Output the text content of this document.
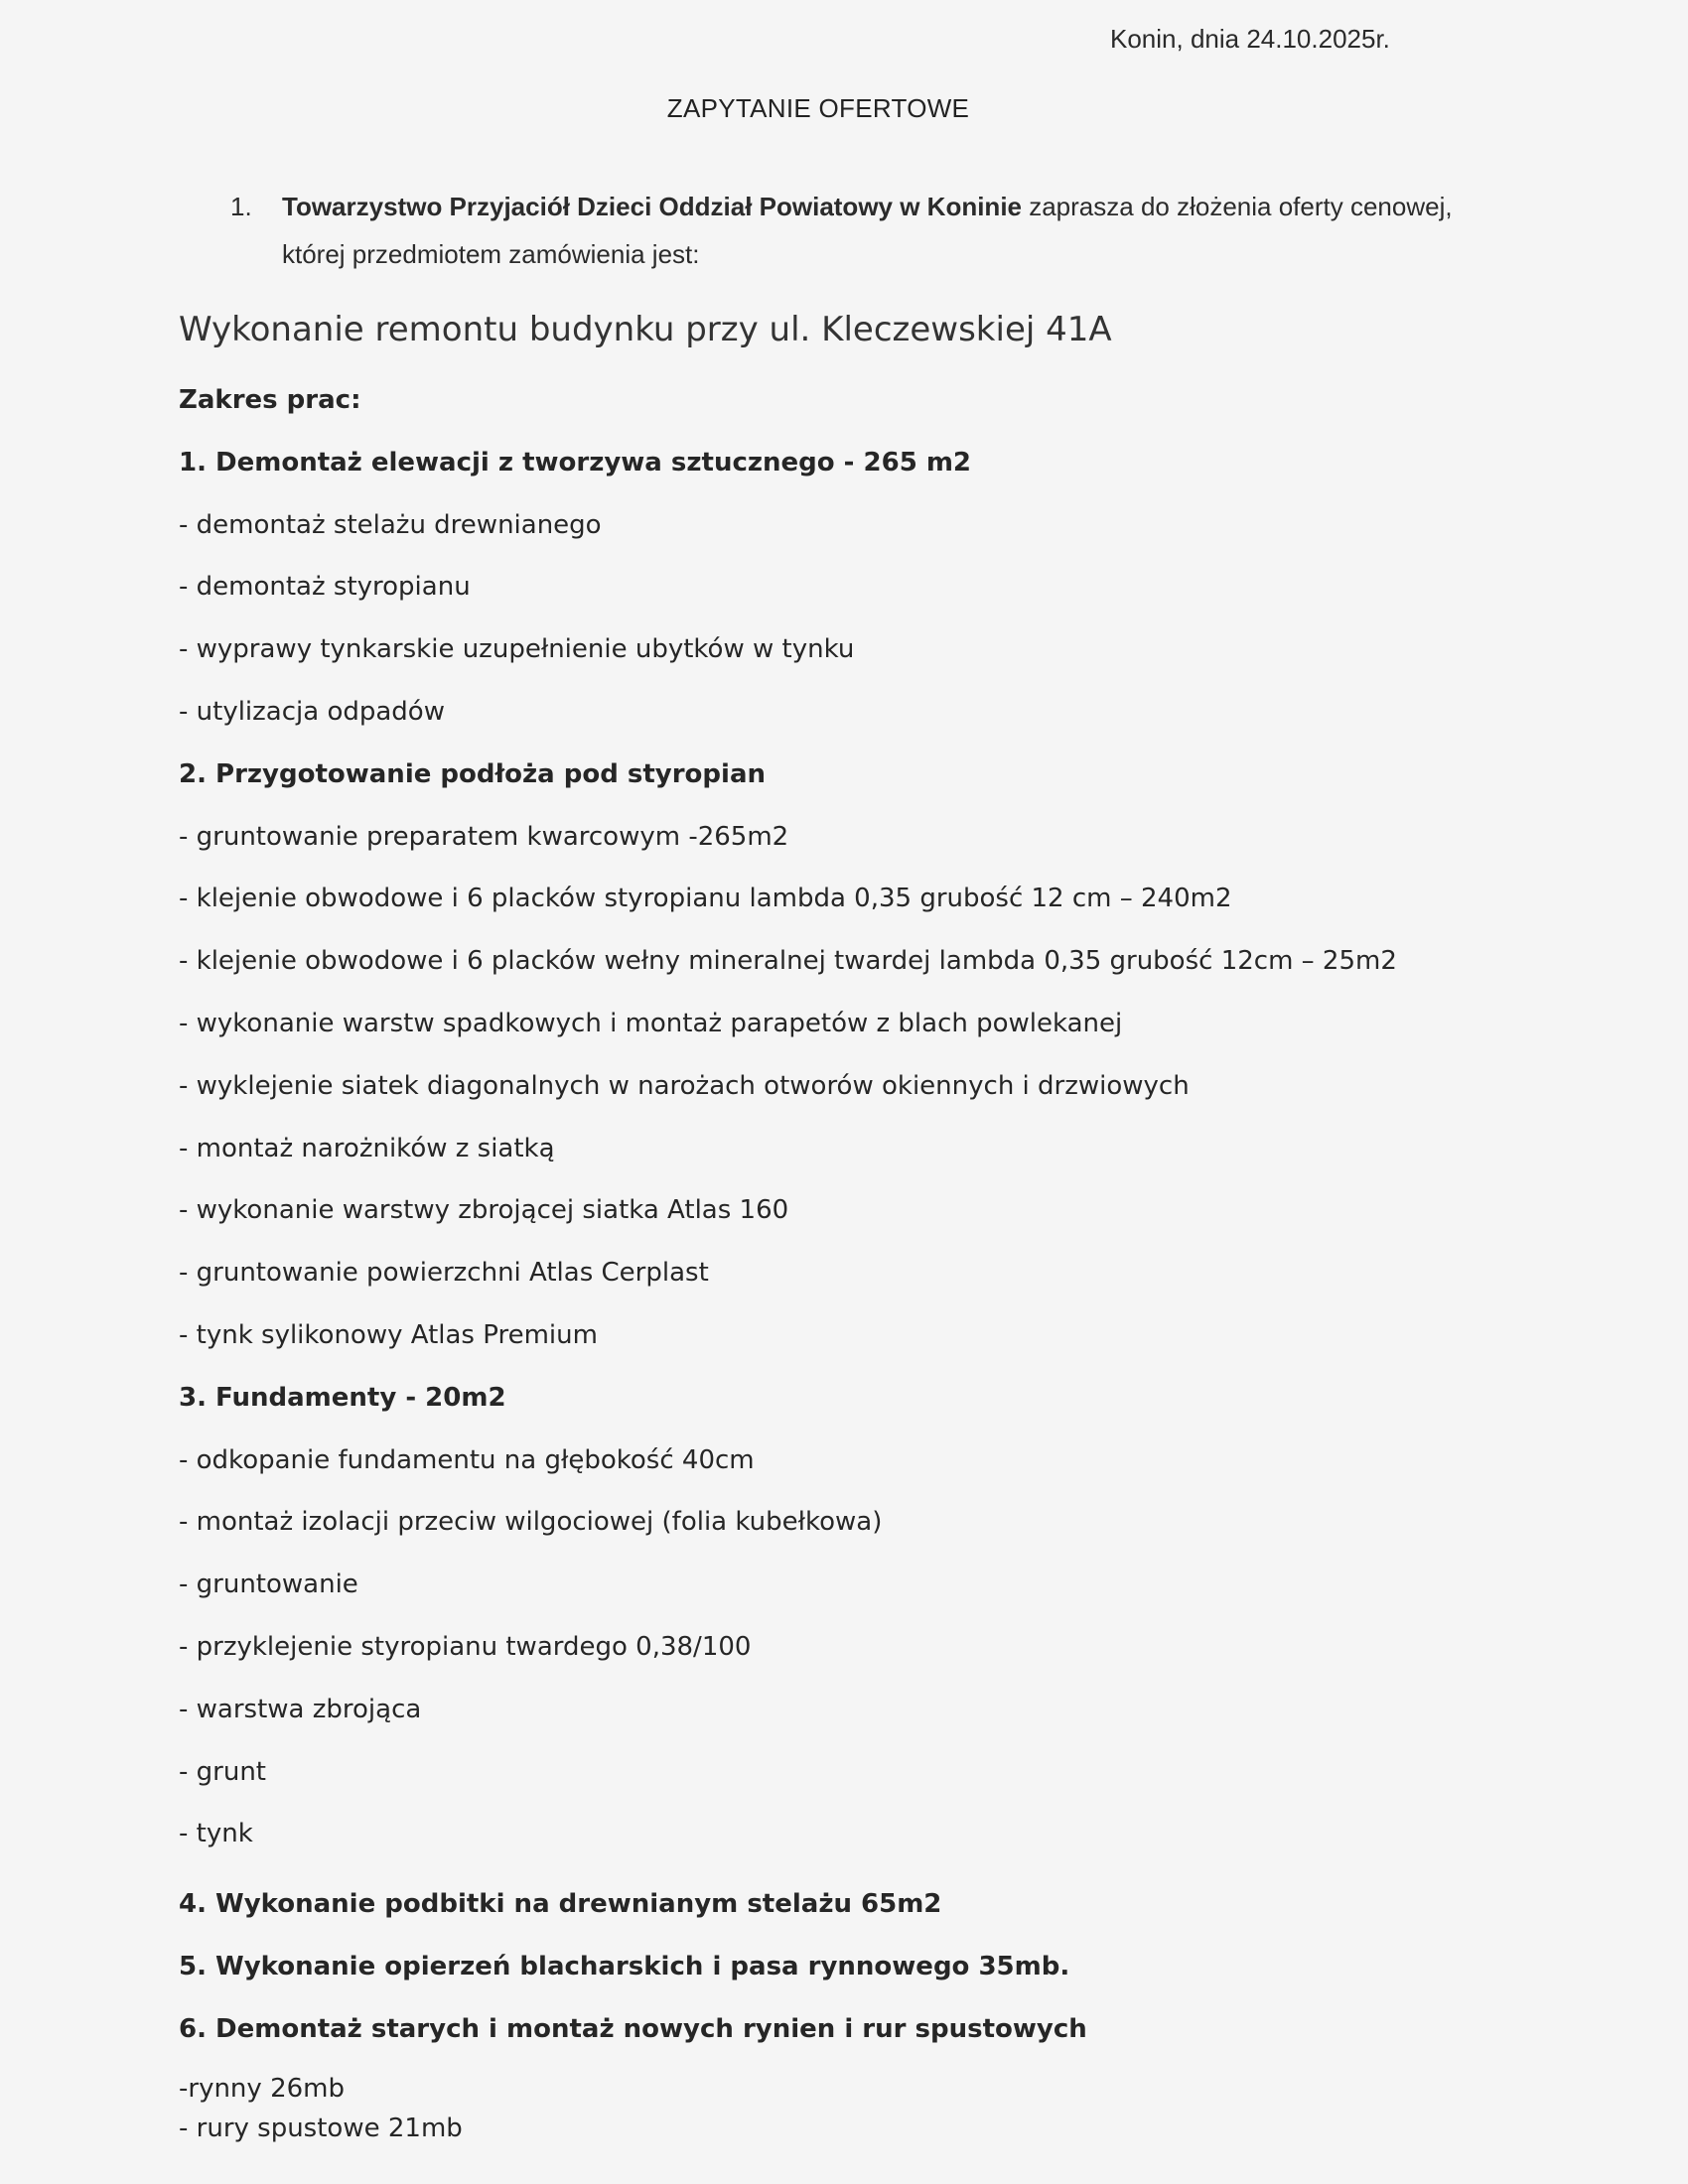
Konin, dnia 24.10.2025r.
ZAPYTANIE OFERTOWE
1. Towarzystwo Przyjaciół Dzieci Oddział Powiatowy w Koninie zaprasza do złożenia oferty cenowej, której przedmiotem zamówienia jest:
Wykonanie remontu budynku przy ul. Kleczewskiej 41A
Zakres prac:
1. Demontaż elewacji z tworzywa sztucznego - 265 m2
- demontaż stelażu drewnianego
- demontaż styropianu
- wyprawy tynkarskie uzupełnienie ubytków w tynku
- utylizacja odpadów
2. Przygotowanie podłoża pod styropian
- gruntowanie preparatem kwarcowym -265m2
- klejenie obwodowe i 6 placków styropianu lambda 0,35 grubość 12 cm – 240m2
- klejenie obwodowe i 6 placków wełny mineralnej twardej lambda 0,35 grubość 12cm – 25m2
- wykonanie warstw spadkowych i montaż parapetów z blach powlekanej
- wyklejenie siatek diagonalnych w narożach otworów okiennych i drzwiowych
- montaż narożników z siatką
- wykonanie warstwy zbrojącej siatka Atlas 160
- gruntowanie powierzchni Atlas Cerplast
- tynk sylikonowy Atlas Premium
3. Fundamenty - 20m2
- odkopanie fundamentu na głębokość 40cm
- montaż izolacji przeciw wilgociowej (folia kubełkowa)
- gruntowanie
- przyklejenie styropianu twardego 0,38/100
- warstwa zbrojąca
- grunt
- tynk
4. Wykonanie podbitki na drewnianym stelażu 65m2
5. Wykonanie opierzeń blacharskich i pasa rynnowego 35mb.
6. Demontaż starych i montaż nowych rynien i rur spustowych
-rynny 26mb
- rury spustowe 21mb
